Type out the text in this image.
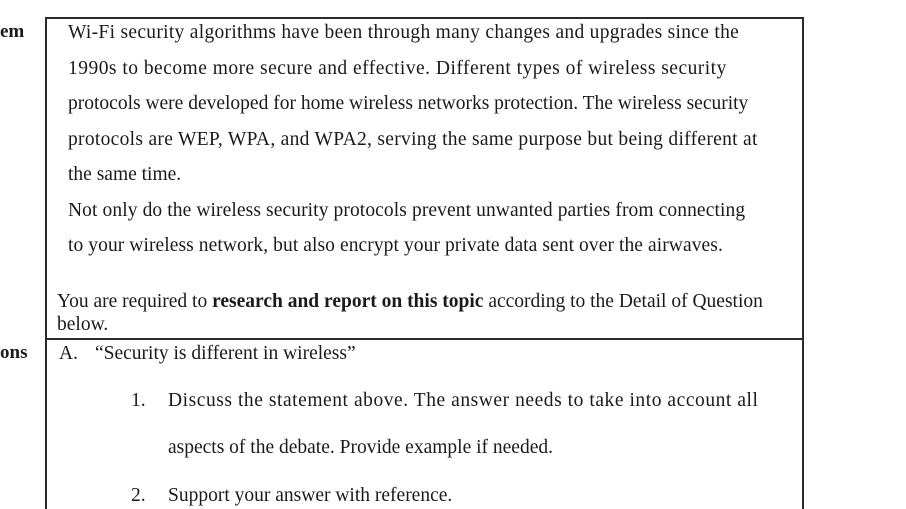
em
ons
Wi-Fi security algorithms have been through many changes and upgrades since the
1990s to become more secure and effective. Different types of wireless security
protocols were developed for home wireless networks protection. The wireless security
protocols are WEP, WPA, and WPA2, serving the same purpose but being different at
the same time.
Not only do the wireless security protocols prevent unwanted parties from connecting
to your wireless network, but also encrypt your private data sent over the airwaves.
You are required to research and report on this topic according to the Detail of Question below.
A. “Security is different in wireless”
1. Discuss the statement above. The answer needs to take into account all
aspects of the debate. Provide example if needed.
2. Support your answer with reference.
